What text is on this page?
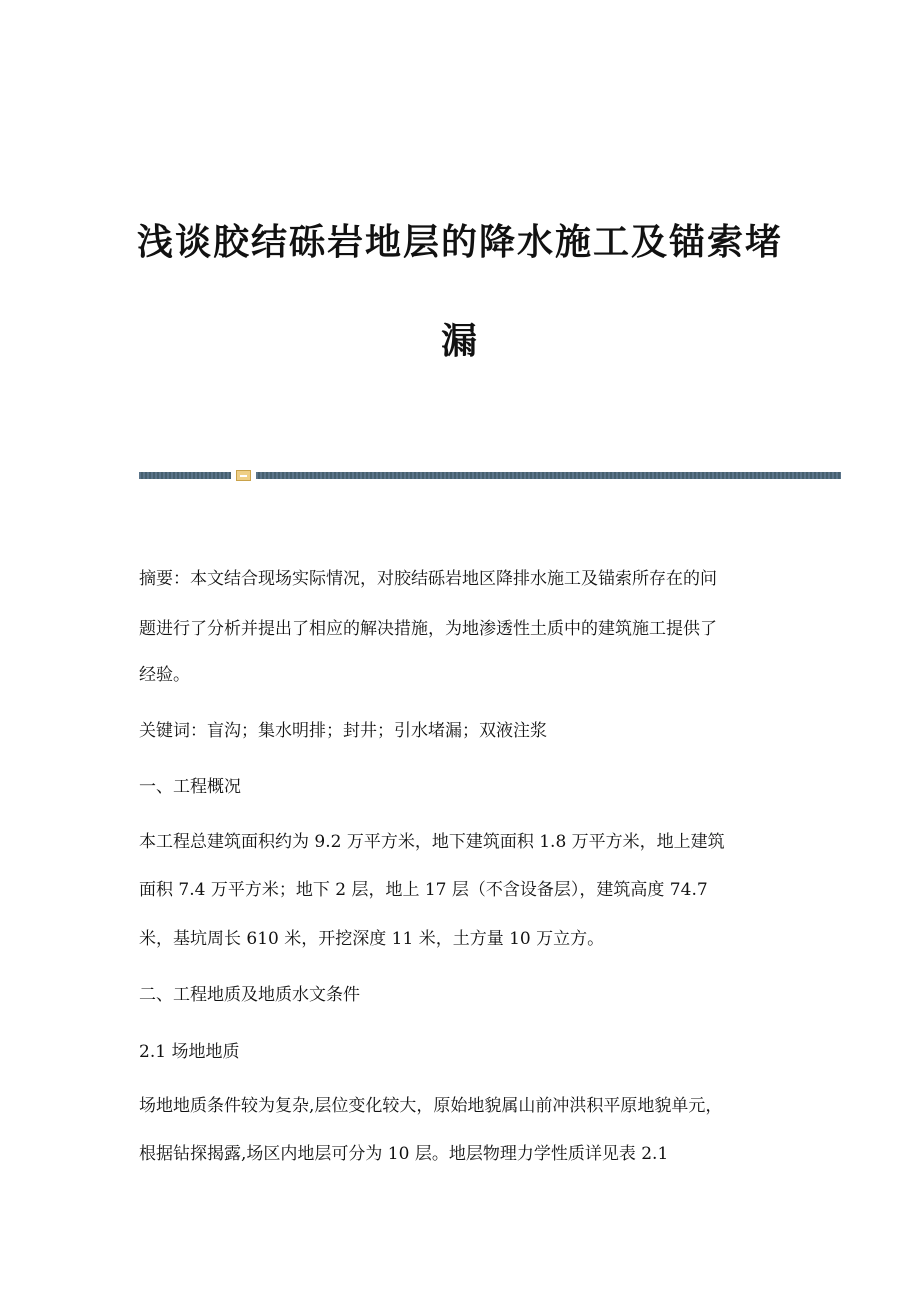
浅谈胶结砾岩地层的降水施工及锚索堵
漏

摘要：本文结合现场实际情况，对胶结砾岩地区降排水施工及锚索所存在的问

题进行了分析并提出了相应的解决措施，为地渗透性土质中的建筑施工提供了

经验。

关键词：盲沟；集水明排；封井；引水堵漏；双液注浆

一、工程概况

本工程总建筑面积约为 9.2 万平方米，地下建筑面积 1.8 万平方米，地上建筑

面积 7.4 万平方米；地下 2 层，地上 17 层（不含设备层），建筑高度 74.7

米，基坑周长 610 米，开挖深度 11 米，土方量 10 万立方。

二、工程地质及地质水文条件

2.1 场地地质

场地地质条件较为复杂,层位变化较大，原始地貌属山前冲洪积平原地貌单元，

根据钻探揭露,场区内地层可分为 10 层。地层物理力学性质详见表 2.1
